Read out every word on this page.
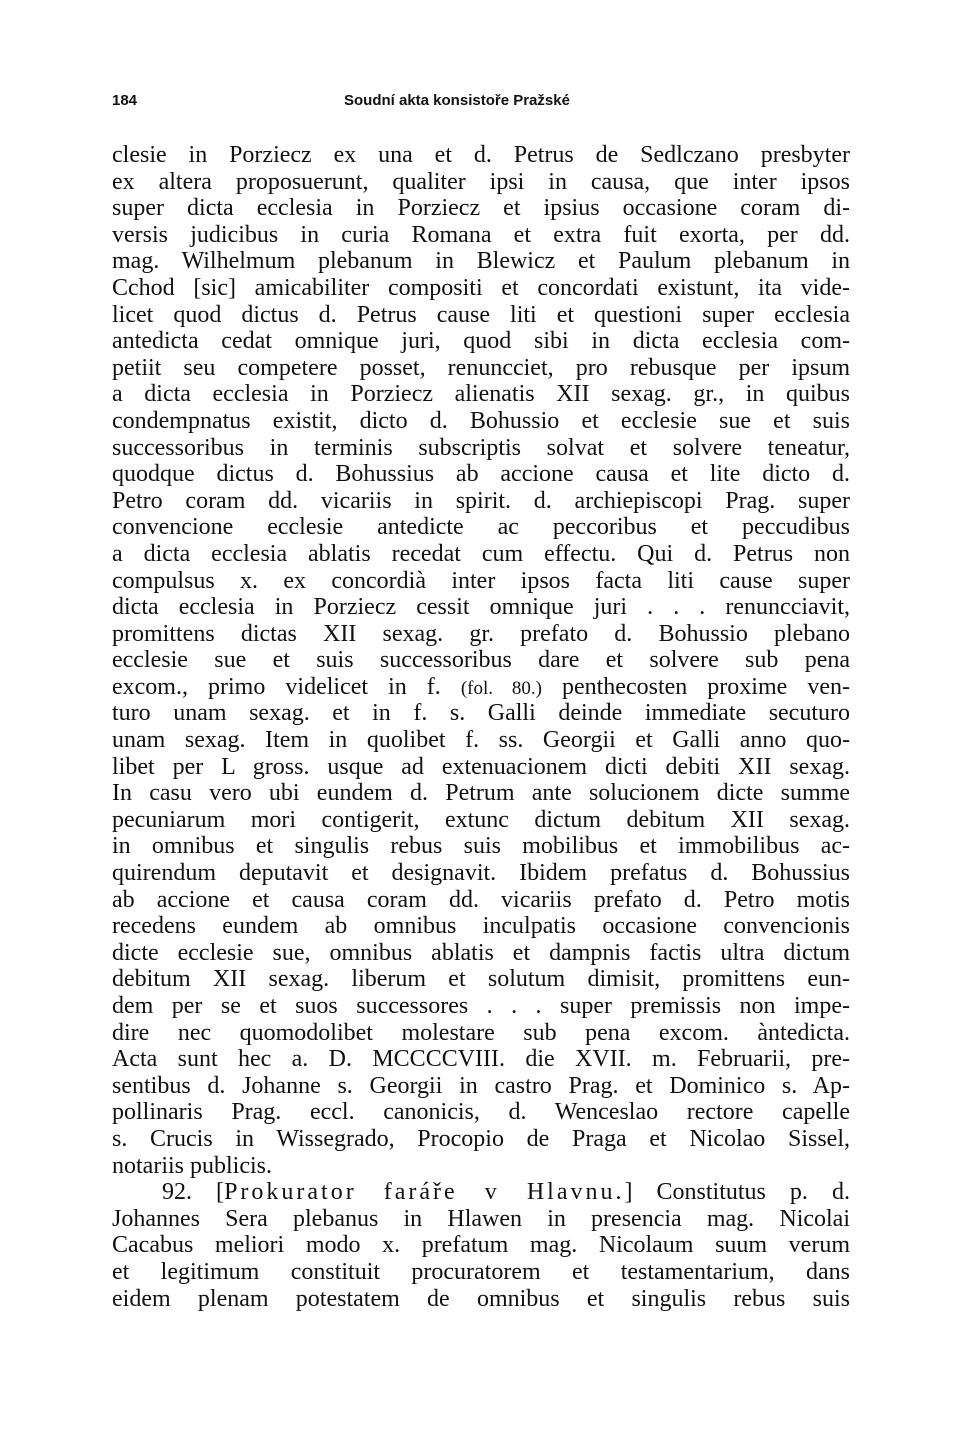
184	Soudní akta konsistoře Pražské
clesie in Porziecz ex una et d. Petrus de Sedlczano presbyter
ex altera proposuerunt, qualiter ipsi in causa, que inter ipsos
super dicta ecclesia in Porziecz et ipsius occasione coram di-
versis judicibus in curia Romana et extra fuit exorta, per dd.
mag. Wilhelmum plebanum in Blewicz et Paulum plebanum in
Cchod [sic] amicabiliter compositi et concordati existunt, ita vide-
licet quod dictus d. Petrus cause liti et questioni super ecclesia
antedicta cedat omnique juri, quod sibi in dicta ecclesia com-
petiit seu competere posset, renuncciet, pro rebusque per ipsum
a dicta ecclesia in Porziecz alienatis XII sexag. gr., in quibus
condempnatus existit, dicto d. Bohussio et ecclesie sue et suis
successoribus in terminis subscriptis solvat et solvere teneatur,
quodque dictus d. Bohussius ab accione causa et lite dicto d.
Petro coram dd. vicariis in spirit. d. archiepiscopi Prag. super
convencione ecclesie antedicte ac peccoribus et peccudibus
a dicta ecclesia ablatis recedat cum effectu. Qui d. Petrus non
compulsus x. ex concordià inter ipsos facta liti cause super
dicta ecclesia in Porziecz cessit omnique juri . . . renuncciavit,
promittens dictas XII sexag. gr. prefato d. Bohussio plebano
ecclesie sue et suis successoribus dare et solvere sub pena
excom., primo videlicet in f. (fol. 80.) penthecosten proxime ven-
turo unam sexag. et in f. s. Galli deinde immediate secuturo
unam sexag. Item in quolibet f. ss. Georgii et Galli anno quo-
libet per L gross. usque ad extenuacionem dicti debiti XII sexag.
In casu vero ubi eundem d. Petrum ante solucionem dicte summe
pecuniarum mori contigerit, extunc dictum debitum XII sexag.
in omnibus et singulis rebus suis mobilibus et immobilibus ac-
quirendum deputavit et designavit. Ibidem prefatus d. Bohussius
ab accione et causa coram dd. vicariis prefato d. Petro motis
recedens eundem ab omnibus inculpatis occasione convencionis
dicte ecclesie sue, omnibus ablatis et dampnis factis ultra dictum
debitum XII sexag. liberum et solutum dimisit, promittens eun-
dem per se et suos successores . . . super premissis non impe-
dire nec quomodolibet molestare sub pena excom. àntedicta.
Acta sunt hec a. D. MCCCCVIII. die XVII. m. Februarii, pre-
sentibus d. Johanne s. Georgii in castro Prag. et Dominico s. Ap-
pollinaris Prag. eccl. canonicis, d. Wenceslao rectore capelle
s. Crucis in Wissegrado, Procopio de Praga et Nicolao Sissel,
notariis publicis.
92. [Prokurator faráře v Hlavnu.] Constitutus p. d.
Johannes Sera plebanus in Hlawen in presencia mag. Nicolai
Cacabus meliori modo x. prefatum mag. Nicolaum suum verum
et legitimum constituit procuratorem et testamentarium, dans
eidem plenam potestatem de omnibus et singulis rebus suis
